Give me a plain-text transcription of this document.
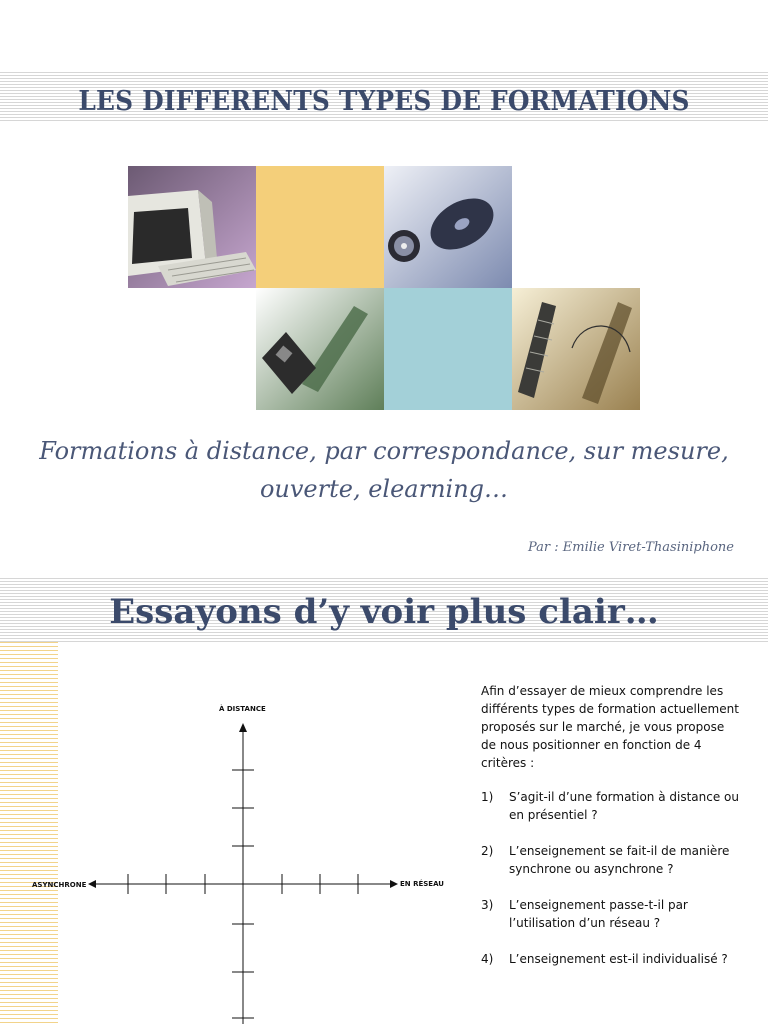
LES DIFFERENTS TYPES DE FORMATIONS
Formations à distance, par correspondance, sur mesure,
ouverte, elearning…
Par : Emilie Viret-Thasiniphone
Essayons d’y voir plus clair…
À DISTANCE
ASYNCHRONE	EN RÉSEAU

Afin d’essayer de mieux comprendre les différents types de formation actuellement proposés sur le marché, je vous propose de nous positionner en fonction de 4 critères :

1)	S’agit-il d’une formation à distance ou en présentiel ?
2)	L’enseignement se fait-il de manière synchrone ou asynchrone ?
3)	L’enseignement passe-t-il par l’utilisation d’un réseau ?
4)	L’enseignement est-il individualisé ?
